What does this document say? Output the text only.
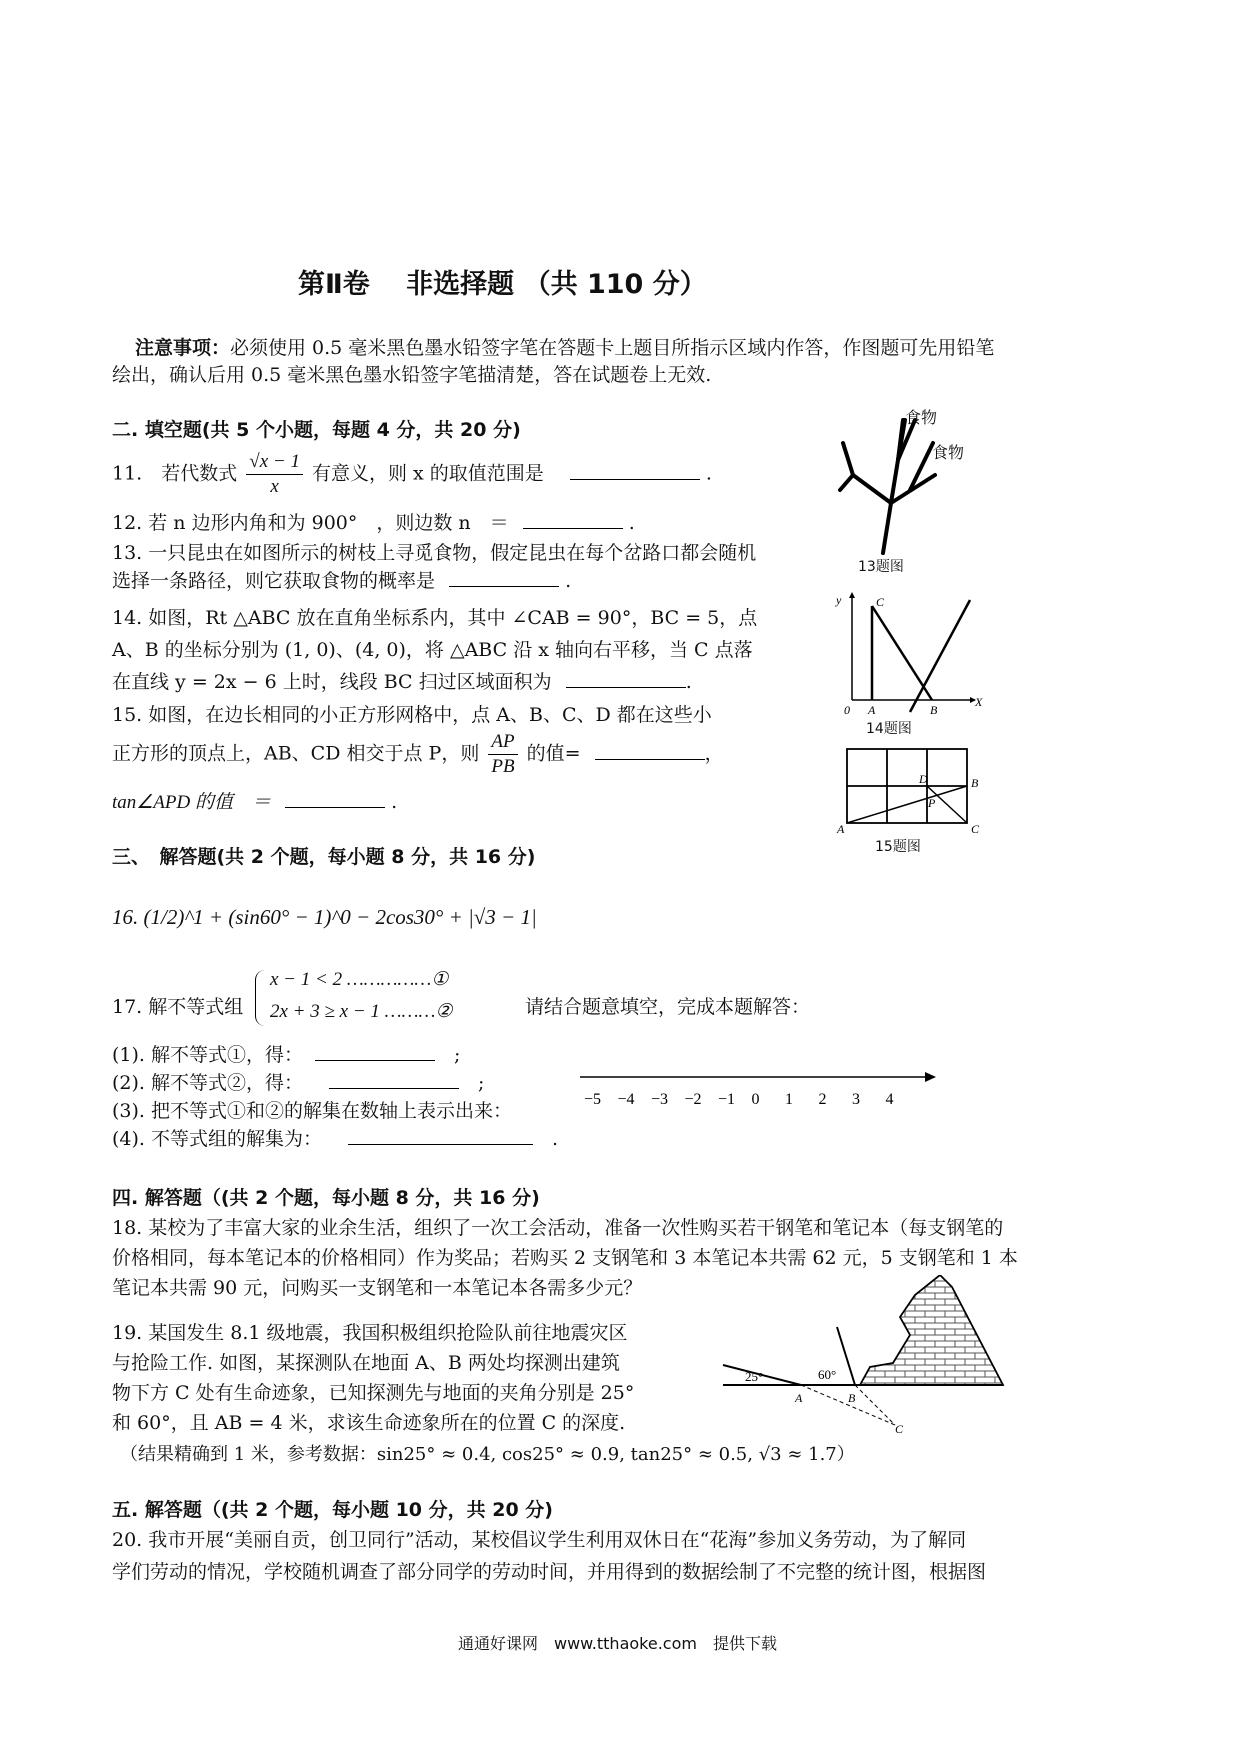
第Ⅱ卷　 非选择题 （共 110 分）
注意事项：必须使用 0.5 毫米黑色墨水铅签字笔在答题卡上题目所指示区域内作答，作图题可先用铅笔
绘出，确认后用 0.5 毫米黑色墨水铅签字笔描清楚，答在试题卷上无效.
二. 填空题(共 5 个小题，每题 4 分，共 20 分)
11.　若代数式 $\frac{√x - 1}{x}$ 有意义，则 x 的取值范围是	.
12. 若 n 边形内角和为 900°　，则边数 n　＝	.
13. 一只昆虫在如图所示的树枝上寻觅食物，假定昆虫在每个岔路口都会随机
选择一条路径，则它获取食物的概率是	.
14. 如图，Rt △ABC 放在直角坐标系内，其中 ∠CAB = 90°，BC = 5，点
A、B 的坐标分别为 (1, 0)、(4, 0)，将 △ABC 沿 x 轴向右平移，当 C 点落
在直线 y = 2x − 6 上时，线段 BC 扫过区域面积为	.
15. 如图，在边长相同的小正方形网格中，点 A、B、C、D 都在这些小
正方形的顶点上，AB、CD 相交于点 P，则 $\frac{AP}{PB}$ 的值=	，
tan∠APD 的值　＝	.
三、　解答题(共 2 个题，每小题 8 分，共 16 分)
16. (1/2)^1 + (sin60° − 1)^0 − 2cos30° + |√3 − 1|
17. 解不等式组
x − 1 < 2 ……………①
2x + 3 ≥ x − 1 ………②	请结合题意填空，完成本题解答：
(1). 解不等式①，得：	　;
(2). 解不等式②，得：	　;
(3). 把不等式①和②的解集在数轴上表示出来：
(4). 不等式组的解集为：	　.
−5 −4 −3 −2 −1 0 1 2 3 4
四. 解答题（(共 2 个题，每小题 8 分，共 16 分)
18. 某校为了丰富大家的业余生活，组织了一次工会活动，准备一次性购买若干钢笔和笔记本（每支钢笔的
价格相同，每本笔记本的价格相同）作为奖品；若购买 2 支钢笔和 3 本笔记本共需 62 元，5 支钢笔和 1 本
笔记本共需 90 元，问购买一支钢笔和一本笔记本各需多少元？
19. 某国发生 8.1 级地震，我国积极组织抢险队前往地震灾区
与抢险工作. 如图，某探测队在地面 A、B 两处均探测出建筑
物下方 C 处有生命迹象，已知探测先与地面的夹角分别是 25°
和 60°，且 AB = 4 米，求该生命迹象所在的位置 C 的深度.
（结果精确到 1 米，参考数据：sin25° ≈ 0.4, cos25° ≈ 0.9, tan25° ≈ 0.5, √3 ≈ 1.7）
五. 解答题（(共 2 个题，每小题 10 分，共 20 分)
20. 我市开展“美丽自贡，创卫同行”活动，某校倡议学生利用双休日在“花海”参加义务劳动，为了解同
学们劳动的情况，学校随机调查了部分同学的劳动时间，并用得到的数据绘制了不完整的统计图，根据图
通通好课网　www.tthaoke.com　提供下载
食物
食物
13题图
y	C
0 A	B
X
14题图
A
B
C
D
P
15题图
25°	60°
A	B
C
